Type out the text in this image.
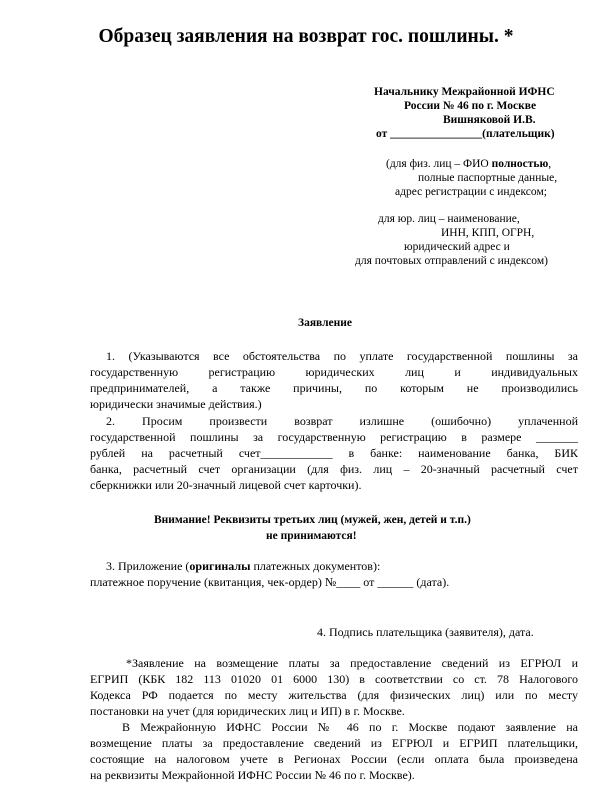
Образец заявления на возврат гос. пошлины. *
Начальнику Межрайонной ИФНС
России № 46 по г. Москве
Вишняковой И.В.
от ________________(плательщик)
(для физ. лиц – ФИО полностью,
полные паспортные данные,
адрес регистрации с индексом;
для юр. лиц – наименование,
ИНН, КПП, ОГРН,
юридический адрес и
для почтовых отправлений с индексом)
Заявление
1. (Указываются все обстоятельства по уплате государственной пошлины за
государственную регистрацию юридических лиц и индивидуальных
предпринимателей, а также причины, по которым не производились
юридически значимые действия.)
2. Просим произвести возврат излишне (ошибочно) уплаченной
государственной пошлины за государственную регистрацию в размере _______
рублей на расчетный счет____________ в банке: наименование банка, БИК
банка, расчетный счет организации (для физ. лиц – 20-значный расчетный счет
сберкнижки или 20-значный лицевой счет карточки).
Внимание! Реквизиты третьих лиц (мужей, жен, детей и т.п.)
не принимаются!
3. Приложение (оригиналы платежных документов):
платежное поручение (квитанция, чек-ордер) №____ от ______ (дата).
4. Подпись плательщика (заявителя), дата.
*Заявление на возмещение платы за предоставление сведений из ЕГРЮЛ и
ЕГРИП (КБК 182 113 01020 01 6000 130) в соответствии со ст. 78 Налогового
Кодекса РФ подается по месту жительства (для физических лиц) или по месту
постановки на учет (для юридических лиц и ИП) в г. Москве.
В Межрайонную ИФНС России № 46 по г. Москве подают заявление на
возмещение платы за предоставление сведений из ЕГРЮЛ и ЕГРИП плательщики,
состоящие на налоговом учете в Регионах России (если оплата была произведена
на реквизиты Межрайонной ИФНС России № 46 по г. Москве).
